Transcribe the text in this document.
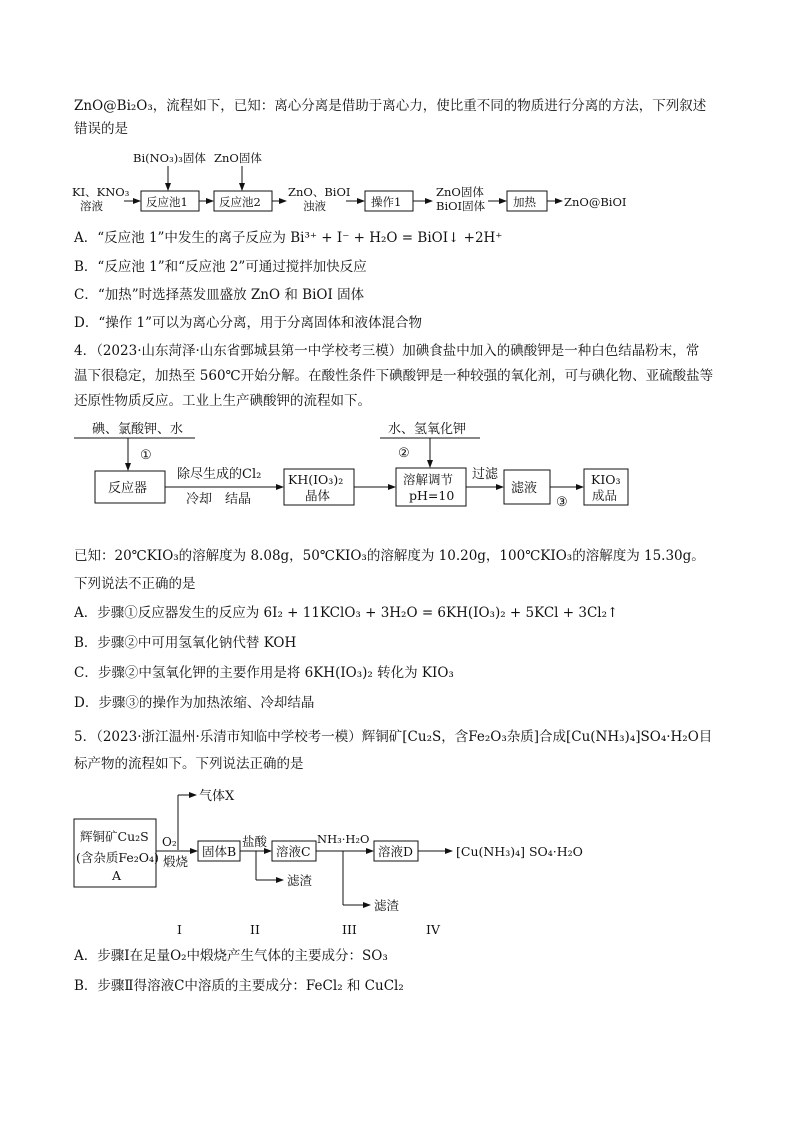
ZnO@Bi₂O₃，流程如下，已知：离心分离是借助于离心力，使比重不同的物质进行分离的方法，下列叙述
错误的是
KI、KNO₃
溶液
Bi(NO₃)₃固体
反应池1
ZnO固体
反应池2
ZnO、BiOI
浊液	操作1
ZnO固体
BiOI固体 加热 ZnO@BiOI
A．“反应池 1”中发生的离子反应为 Bi³⁺ + I⁻ + H₂O = BiOI↓ +2H⁺
B．“反应池 1”和“反应池 2”可通过搅拌加快反应
C．“加热”时选择蒸发皿盛放 ZnO 和 BiOI 固体
D．“操作 1”可以为离心分离，用于分离固体和液体混合物
4．（2023·山东菏泽·山东省鄄城县第一中学校考三模）加碘食盐中加入的碘酸钾是一种白色结晶粉末，常
温下很稳定，加热至 560℃开始分解。在酸性条件下碘酸钾是一种较强的氧化剂，可与碘化物、亚硫酸盐等
还原性物质反应。工业上生产碘酸钾的流程如下。
碘、氯酸钾、水
①
反应器
除尽生成的Cl₂
冷却　结晶
KH(IO₃)₂
晶体
水、氢氧化钾
②
溶解调节
pH=10
过滤
滤液
③
KIO₃
成品
已知：20℃KIO₃的溶解度为 8.08g，50℃KIO₃的溶解度为 10.20g，100℃KIO₃的溶解度为 15.30g。
下列说法不正确的是
A．步骤①反应器发生的反应为 6I₂ + 11KClO₃ + 3H₂O = 6KH(IO₃)₂ + 5KCl + 3Cl₂↑
B．步骤②中可用氢氧化钠代替 KOH
C．步骤②中氢氧化钾的主要作用是将 6KH(IO₃)₂ 转化为 KIO₃
D．步骤③的操作为加热浓缩、冷却结晶
5．（2023·浙江温州·乐清市知临中学校考一模）辉铜矿[Cu₂S，含Fe₂O₃杂质]合成[Cu(NH₃)₄]SO₄·H₂O目
标产物的流程如下。下列说法正确的是
气体X
辉铜矿Cu₂S
(含杂质Fe₂O₄)
A
O₂
煅烧
固体B
盐酸
滤渣
溶液C
NH₃·H₂O
滤渣
溶液D	[Cu(NH₃)₄] SO₄·H₂O
I	II	III	IV
A．步骤Ⅰ在足量O₂中煅烧产生气体的主要成分：SO₃
B．步骤Ⅱ得溶液C中溶质的主要成分：FeCl₂ 和 CuCl₂
